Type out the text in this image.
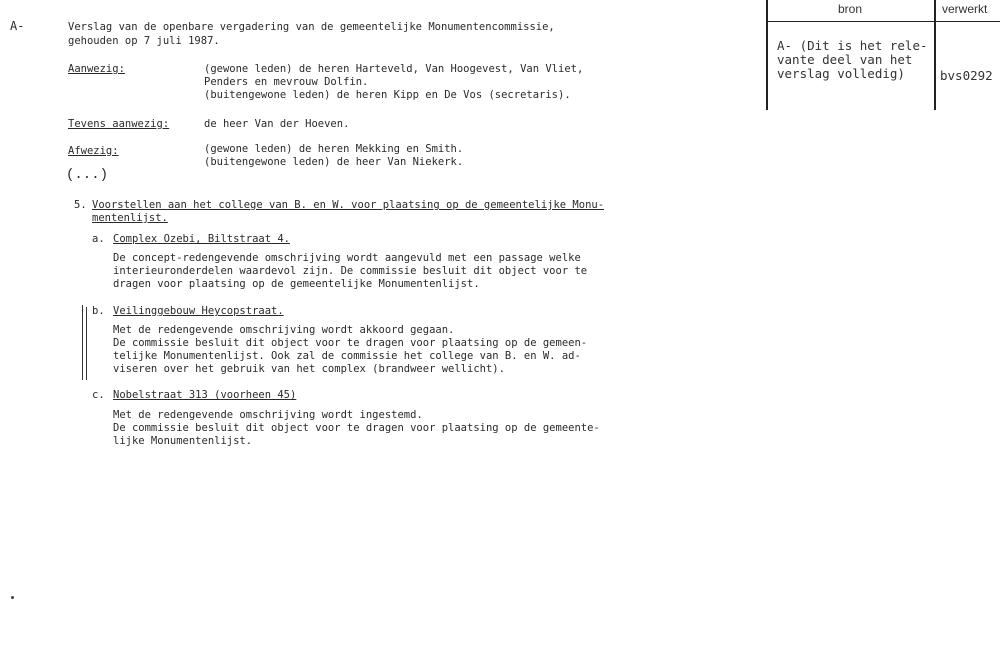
A-	Verslag van de openbare vergadering van de gemeentelijke Monumentencommissie,
gehouden op 7 juli 1987.
Aanwezig:	(gewone leden) de heren Harteveld, Van Hoogevest, Van Vliet,
Penders en mevrouw Dolfin.
(buitengewone leden) de heren Kipp en De Vos (secretaris).
Tevens aanwezig:	de heer Van der Hoeven.
Afwezig:	(gewone leden) de heren Mekking en Smith.
(buitengewone leden) de heer Van Niekerk.
(...)
5. Voorstellen aan het college van B. en W. voor plaatsing op de gemeentelijke Monu-
mentenlijst.
a. Complex Ozebi, Biltstraat 4.
De concept-redengevende omschrijving wordt aangevuld met een passage welke
interieuronderdelen waardevol zijn. De commissie besluit dit object voor te
dragen voor plaatsing op de gemeentelijke Monumentenlijst.
b. Veilinggebouw Heycopstraat.
Met de redengevende omschrijving wordt akkoord gegaan.
De commissie besluit dit object voor te dragen voor plaatsing op de gemeen-
telijke Monumentenlijst. Ook zal de commissie het college van B. en W. ad-
viseren over het gebruik van het complex (brandweer wellicht).
c. Nobelstraat 313 (voorheen 45)
Met de redengevende omschrijving wordt ingestemd.
De commissie besluit dit object voor te dragen voor plaatsing op de gemeente-
lijke Monumentenlijst.
bron	verwerkt
A- (Dit is het rele-
vante deel van het
verslag volledig)	bvs0292
